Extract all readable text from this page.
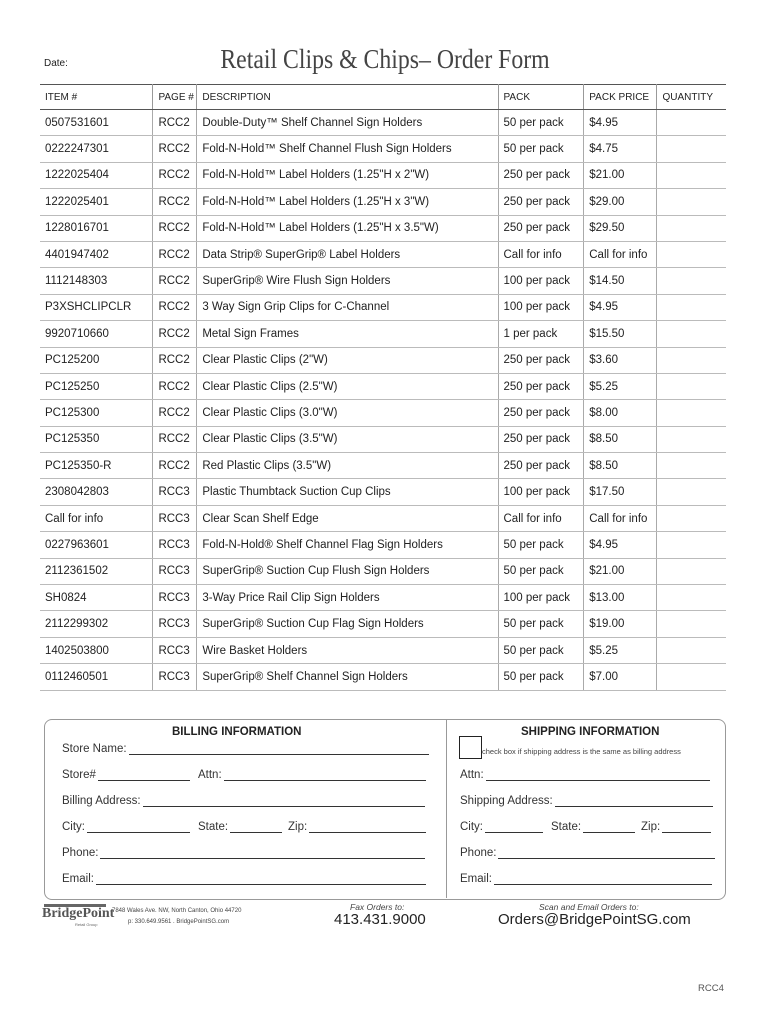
Date:	Retail Clips & Chips– Order Form
ITEM #	PAGE #	DESCRIPTION	PACK	PACK PRICE	QUANTITY
0507531601	RCC2	Double-Duty™ Shelf Channel Sign Holders	50 per pack	$4.95	
0222247301	RCC2	Fold-N-Hold™ Shelf Channel Flush Sign Holders	50 per pack	$4.75	
1222025404	RCC2	Fold-N-Hold™ Label Holders (1.25"H x 2"W)	250 per pack	$21.00	
1222025401	RCC2	Fold-N-Hold™ Label Holders (1.25"H x 3"W)	250 per pack	$29.00	
1228016701	RCC2	Fold-N-Hold™ Label Holders (1.25"H x 3.5"W)	250 per pack	$29.50	
4401947402	RCC2	Data Strip® SuperGrip® Label Holders	Call for info	Call for info	
1112148303	RCC2	SuperGrip® Wire Flush Sign Holders	100 per pack	$14.50	
P3XSHCLIPCLR	RCC2	3 Way Sign Grip Clips for C-Channel	100 per pack	$4.95	
9920710660	RCC2	Metal Sign Frames	1 per pack	$15.50	
PC125200	RCC2	Clear Plastic Clips (2"W)	250 per pack	$3.60	
PC125250	RCC2	Clear Plastic Clips (2.5"W)	250 per pack	$5.25	
PC125300	RCC2	Clear Plastic Clips (3.0"W)	250 per pack	$8.00	
PC125350	RCC2	Clear Plastic Clips (3.5"W)	250 per pack	$8.50	
PC125350-R	RCC2	Red Plastic Clips (3.5"W)	250 per pack	$8.50	
2308042803	RCC3	Plastic Thumbtack Suction Cup Clips	100 per pack	$17.50	
Call for info	RCC3	Clear Scan Shelf Edge	Call for info	Call for info	
0227963601	RCC3	Fold-N-Hold® Shelf Channel Flag Sign Holders	50 per pack	$4.95	
2112361502	RCC3	SuperGrip® Suction Cup Flush Sign Holders	50 per pack	$21.00	
SH0824	RCC3	3-Way Price Rail Clip Sign Holders	100 per pack	$13.00	
2112299302	RCC3	SuperGrip® Suction Cup Flag Sign Holders	50 per pack	$19.00	
1402503800	RCC3	Wire Basket Holders	50 per pack	$5.25	
0112460501	RCC3	SuperGrip® Shelf Channel Sign Holders	50 per pack	$7.00	
BILLING INFORMATION	SHIPPING INFORMATION
Store Name:
Store#	Attn:
Billing Address:
City:	State:	Zip:
Phone:
Email:
check box if shipping address is the same as billing address
Attn:
Shipping Address:
City:	State:	Zip:
Phone:
Email:
BridgePoint
Retail Group
7848 Wales Ave. NW, North Canton, Ohio 44720
p: 330.649.9561 . BridgePointSG.com
Fax Orders to:
413.431.9000
Scan and Email Orders to:
Orders@BridgePointSG.com
RCC4
